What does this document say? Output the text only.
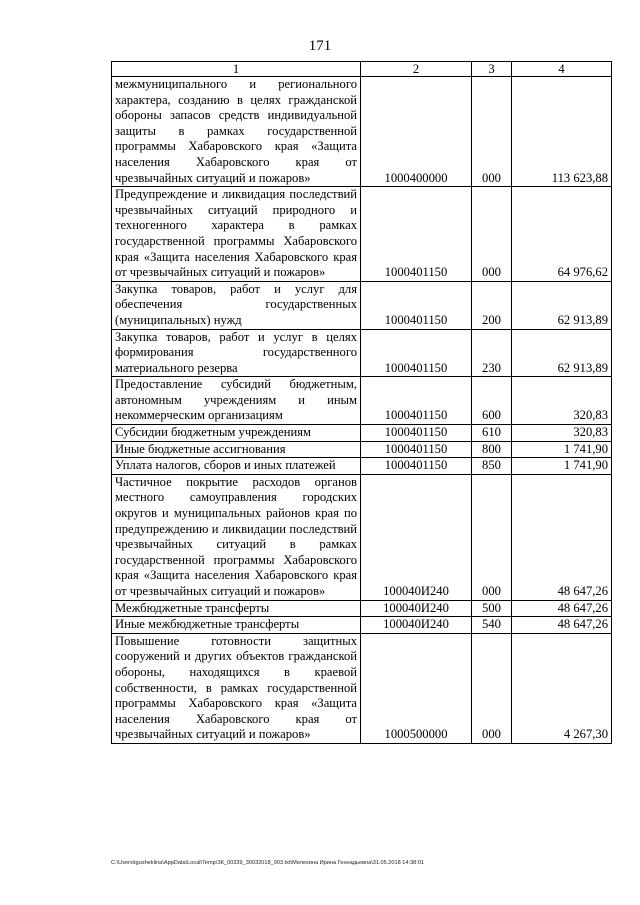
171
1	2	3	4
межмуниципального и регионального характера, созданию в целях гражданской обороны запасов средств индивидуальной защиты в рамках государственной программы Хабаровского края «Защита населения Хабаровского края от чрезвычайных ситуаций и пожаров»	1000400000	000	113 623,88
Предупреждение и ликвидация последствий чрезвычайных ситуаций природного и техногенного характера в рамках государственной программы Хабаровского края «Защита населения Хабаровского края от чрезвычайных ситуаций и пожаров»	1000401150	000	64 976,62
Закупка товаров, работ и услуг для обеспечения государственных (муниципальных) нужд	1000401150	200	62 913,89
Закупка товаров, работ и услуг в целях формирования государственного материального резерва	1000401150	230	62 913,89
Предоставление субсидий бюджетным, автономным учреждениям и иным некоммерческим организациям	1000401150	600	320,83
Субсидии бюджетным учреждениям	1000401150	610	320,83
Иные бюджетные ассигнования	1000401150	800	1 741,90
Уплата налогов, сборов и иных платежей	1000401150	850	1 741,90
Частичное покрытие расходов органов местного самоуправления городских округов и муниципальных районов края по предупреждению и ликвидации последствий чрезвычайных ситуаций в рамках государственной программы Хабаровского края «Защита населения Хабаровского края от чрезвычайных ситуаций и пожаров»	100040И240	000	48 647,26
Межбюджетные трансферты	100040И240	500	48 647,26
Иные межбюджетные трансферты	100040И240	540	48 647,26
Повышение готовности защитных сооружений и других объектов гражданской обороны, находящихся в краевой собственности, в рамках государственной программы Хабаровского края «Защита населения Хабаровского края от чрезвычайных ситуаций и пожаров»	1000500000	000	4 267,30
C:\Users\igusheklina\AppData\Local\Temp\ЗК_00339_30032018_003.txt\Мелехина Ирина Геннадьевна\31.05.2018 14:38:01
